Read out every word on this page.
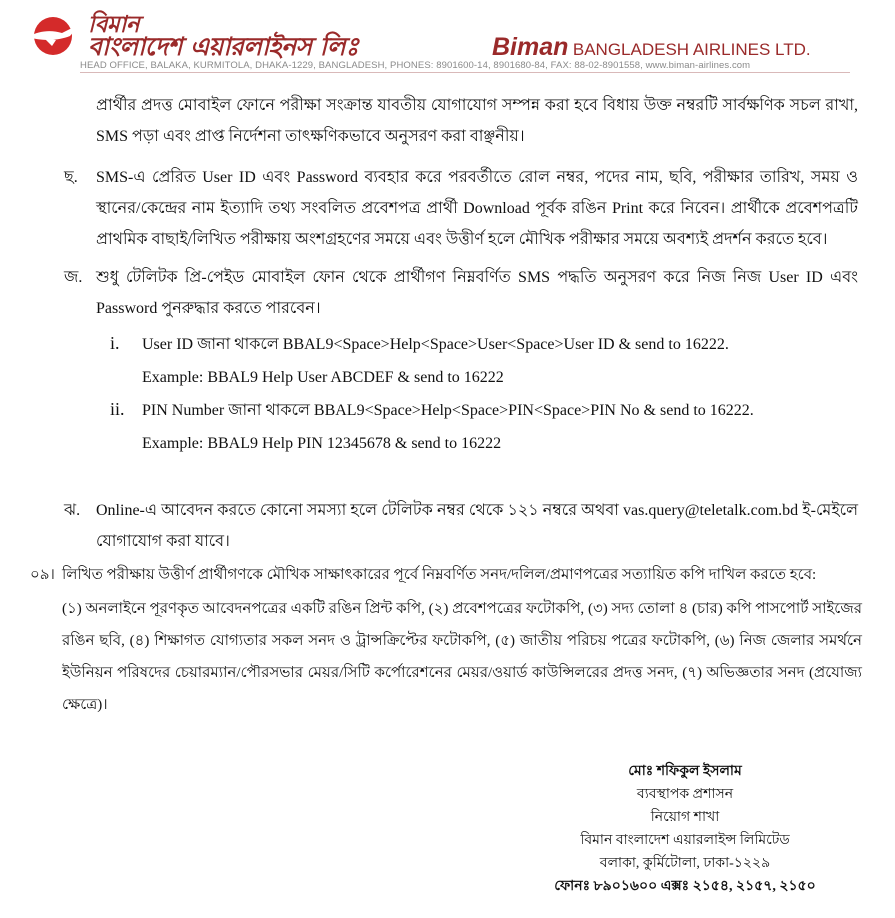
বিমান
বাংলাদেশ এয়ারলাইনস লিঃ	Biman BANGLADESH AIRLINES LTD.
HEAD OFFICE, BALAKA, KURMITOLA, DHAKA-1229, BANGLADESH, PHONES: 8901600-14, 8901680-84, FAX: 88-02-8901558, www.biman-airlines.com
প্রার্থীর প্রদত্ত মোবাইল ফোনে পরীক্ষা সংক্রান্ত যাবতীয় যোগাযোগ সম্পন্ন করা হবে বিধায় উক্ত নম্বরটি সার্বক্ষণিক সচল রাখা, SMS পড়া এবং প্রাপ্ত নির্দেশনা তাৎক্ষণিকভাবে অনুসরণ করা বাঞ্ছনীয়।
ছ. SMS-এ প্রেরিত User ID এবং Password ব্যবহার করে পরবর্তীতে রোল নম্বর, পদের নাম, ছবি, পরীক্ষার তারিখ, সময় ও স্থানের/কেন্দ্রের নাম ইত্যাদি তথ্য সংবলিত প্রবেশপত্র প্রার্থী Download পূর্বক রঙিন Print করে নিবেন। প্রার্থীকে প্রবেশপত্রটি প্রাথমিক বাছাই/লিখিত পরীক্ষায় অংশগ্রহণের সময়ে এবং উত্তীর্ণ হলে মৌখিক পরীক্ষার সময়ে অবশ্যই প্রদর্শন করতে হবে।
জ. শুধু টেলিটক প্রি-পেইড মোবাইল ফোন থেকে প্রার্থীগণ নিম্নবর্ণিত SMS পদ্ধতি অনুসরণ করে নিজ নিজ User ID এবং Password পুনরুদ্ধার করতে পারবেন।
i. User ID জানা থাকলে BBAL9<Space>Help<Space>User<Space>User ID & send to 16222.
Example: BBAL9 Help User ABCDEF & send to 16222
ii. PIN Number জানা থাকলে BBAL9<Space>Help<Space>PIN<Space>PIN No & send to 16222.
Example: BBAL9 Help PIN 12345678 & send to 16222
ঝ. Online-এ আবেদন করতে কোনো সমস্যা হলে টেলিটক নম্বর থেকে ১২১ নম্বরে অথবা vas.query@teletalk.com.bd ই-মেইলে যোগাযোগ করা যাবে।
০৯। লিখিত পরীক্ষায় উত্তীর্ণ প্রার্থীগণকে মৌখিক সাক্ষাৎকারের পূর্বে নিম্নবর্ণিত সনদ/দলিল/প্রমাণপত্রের সত্যায়িত কপি দাখিল করতে হবে:
(১) অনলাইনে পূরণকৃত আবেদনপত্রের একটি রঙিন প্রিন্ট কপি, (২) প্রবেশপত্রের ফটোকপি, (৩) সদ্য তোলা ৪ (চার) কপি পাসপোর্ট সাইজের রঙিন ছবি, (৪) শিক্ষাগত যোগ্যতার সকল সনদ ও ট্রান্সক্রিপ্টের ফটোকপি, (৫) জাতীয় পরিচয় পত্রের ফটোকপি, (৬) নিজ জেলার সমর্থনে ইউনিয়ন পরিষদের চেয়ারম্যান/পৌরসভার মেয়র/সিটি কর্পোরেশনের মেয়র/ওয়ার্ড কাউন্সিলরের প্রদত্ত সনদ, (৭) অভিজ্ঞতার সনদ (প্রযোজ্য ক্ষেত্রে)।
মোঃ শফিকুল ইসলাম
ব্যবস্থাপক প্রশাসন
নিয়োগ শাখা
বিমান বাংলাদেশ এয়ারলাইন্স লিমিটেড
বলাকা, কুর্মিটোলা, ঢাকা-১২২৯
ফোনঃ ৮৯০১৬০০ এক্সঃ ২১৫৪, ২১৫৭, ২১৫০
